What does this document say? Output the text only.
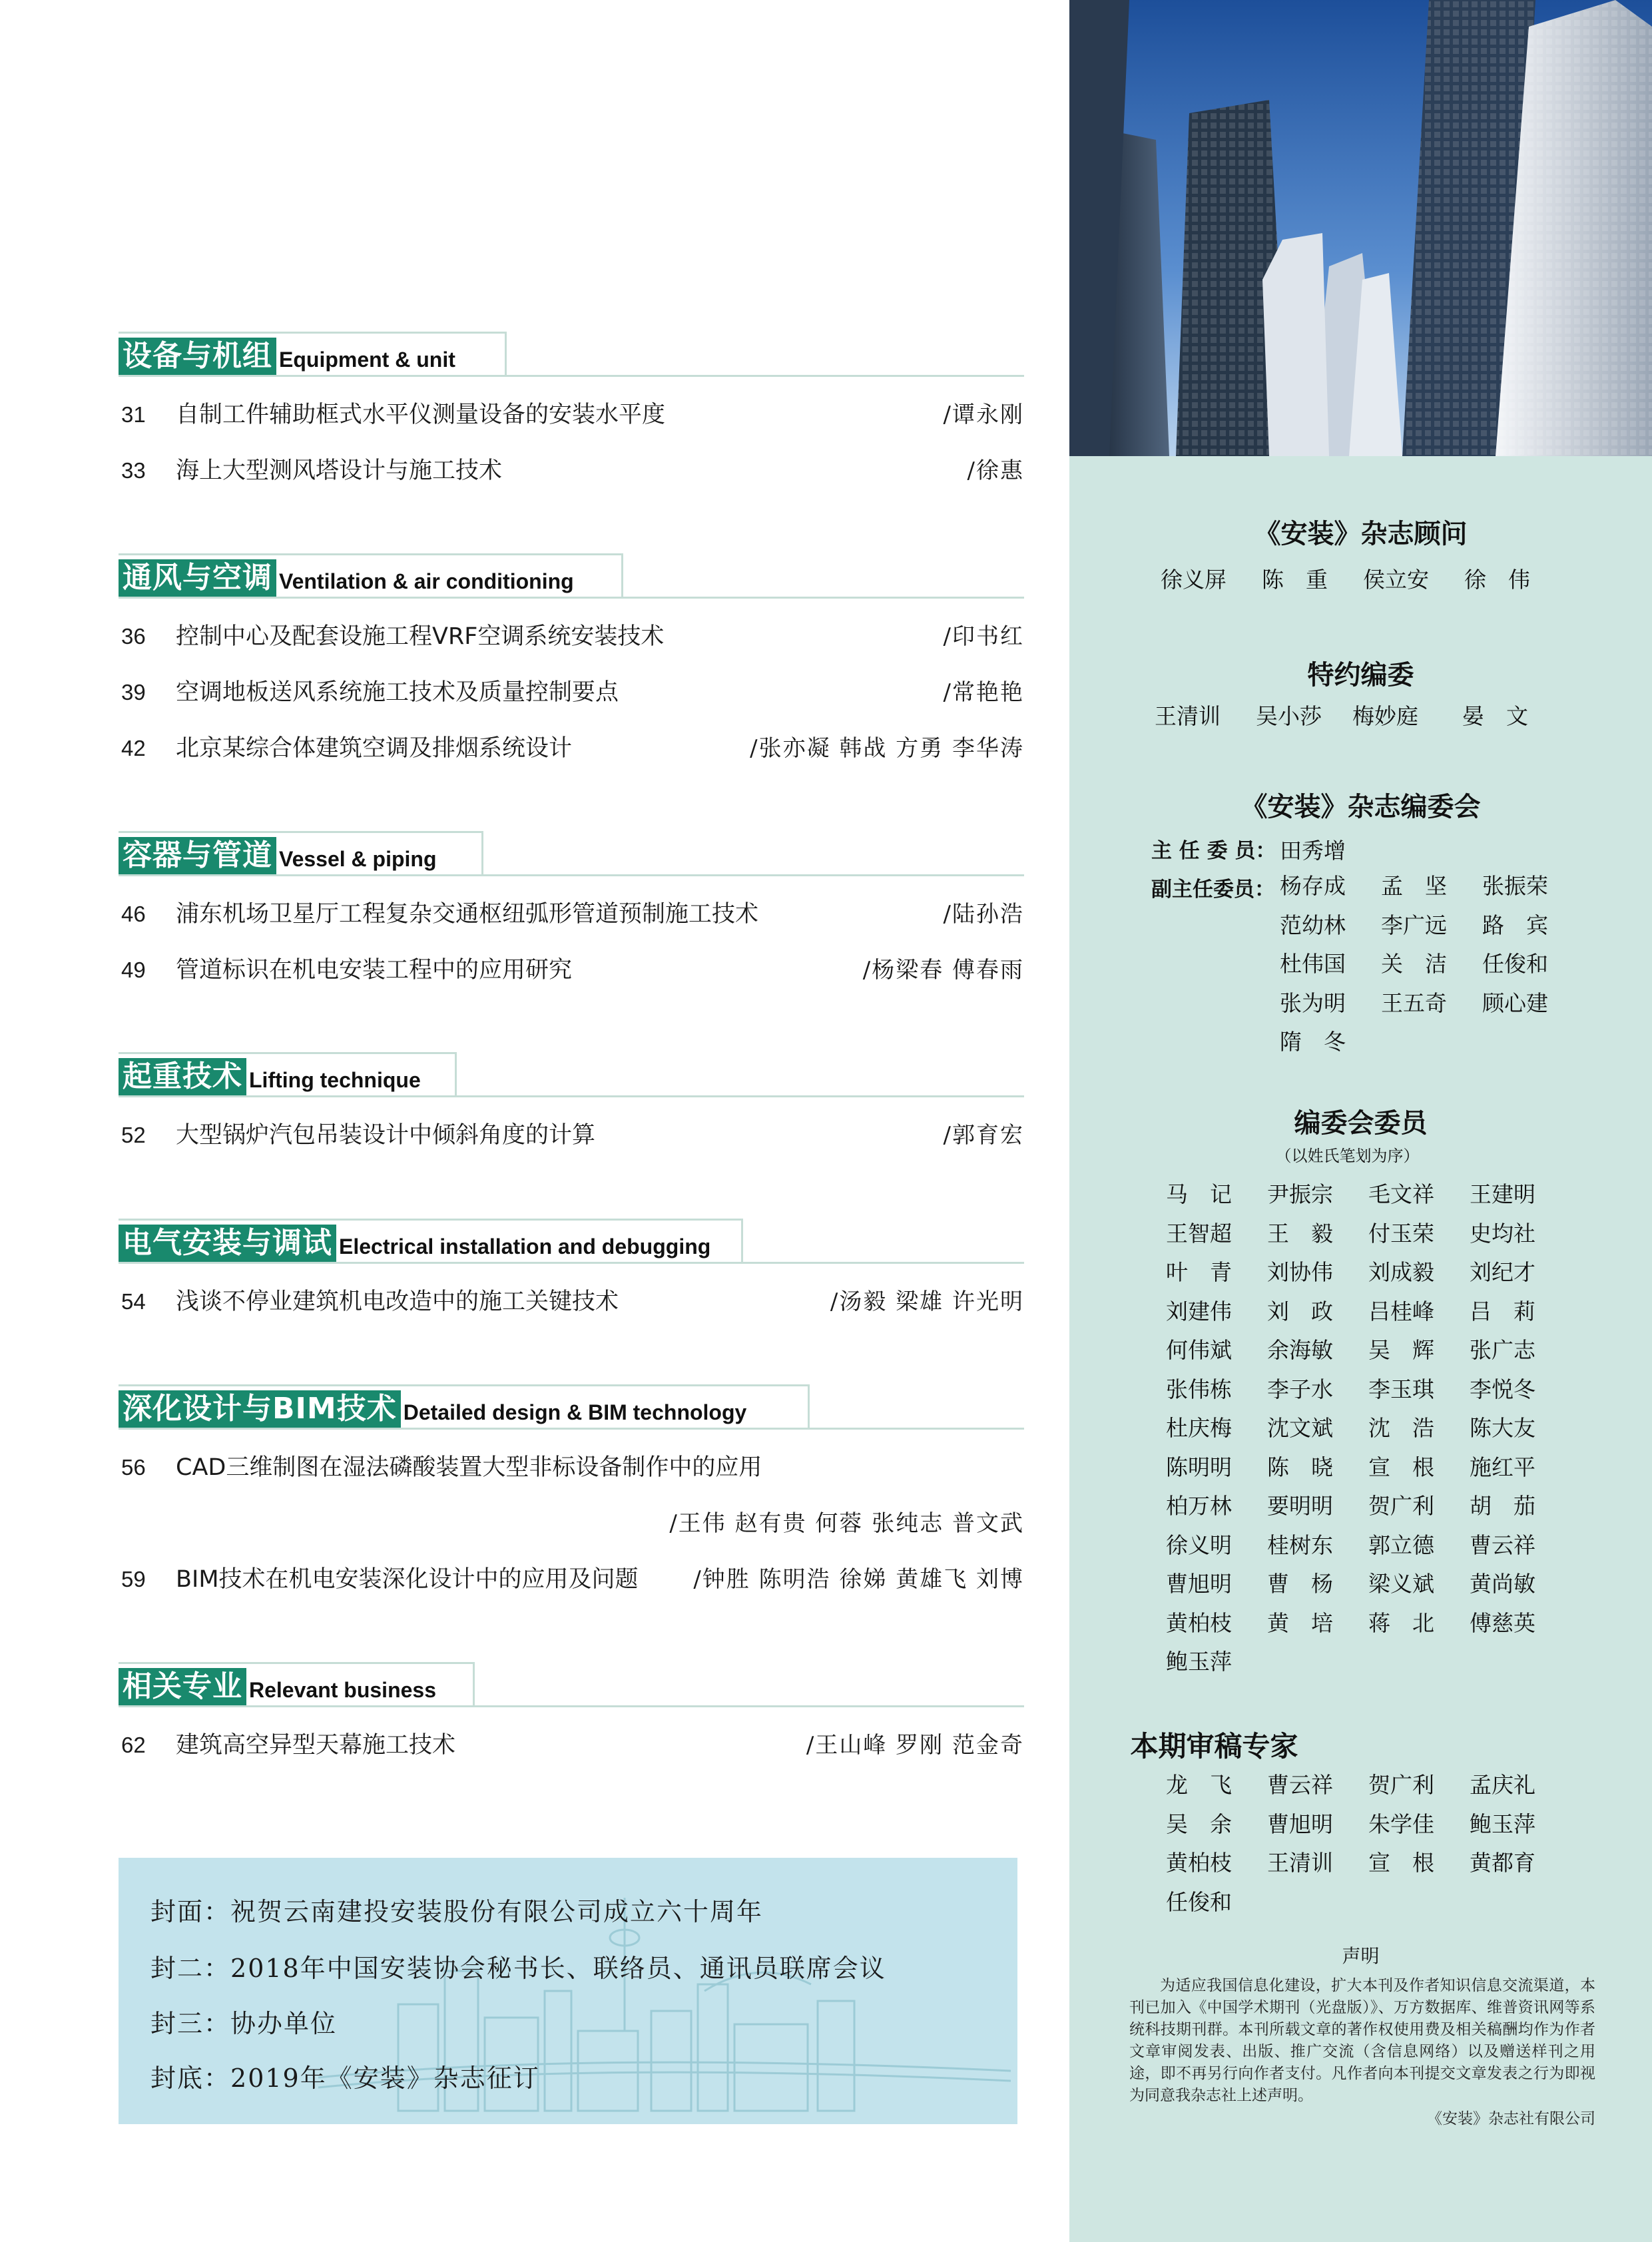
设备与机组 Equipment & unit
31 自制工件辅助框式水平仪测量设备的安装水平度	/谭永刚
33 海上大型测风塔设计与施工技术	/徐惠
通风与空调 Ventilation & air conditioning
36 控制中心及配套设施工程VRF空调系统安装技术	/印书红
39 空调地板送风系统施工技术及质量控制要点	/常艳艳
42 北京某综合体建筑空调及排烟系统设计	/张亦凝 韩战 方勇 李华涛
容器与管道 Vessel & piping
46 浦东机场卫星厅工程复杂交通枢纽弧形管道预制施工技术	/陆孙浩
49 管道标识在机电安装工程中的应用研究	/杨梁春 傅春雨
起重技术 Lifting technique
52 大型锅炉汽包吊装设计中倾斜角度的计算	/郭育宏
电气安装与调试 Electrical installation and debugging
54 浅谈不停业建筑机电改造中的施工关键技术	/汤毅 梁雄 许光明
深化设计与BIM技术 Detailed design & BIM technology
56 CAD三维制图在湿法磷酸装置大型非标设备制作中的应用
/王伟 赵有贵 何蓉 张纯志 普文武
59 BIM技术在机电安装深化设计中的应用及问题 /钟胜 陈明浩 徐娣 黄雄飞 刘博
相关专业 Relevant business
62 建筑高空异型天幕施工技术	/王山峰 罗刚 范金奇
封面：祝贺云南建投安装股份有限公司成立六十周年
封二：2018年中国安装协会秘书长、联络员、通讯员联席会议
封三：协办单位
封底：2019年《安装》杂志征订
《安装》杂志顾问
徐义屏 陈　重 侯立安 徐　伟
特约编委
王清训 吴小莎 梅妙庭 晏　文
《安装》杂志编委会
主 任 委 员： 田秀增
副主任委员： 杨存成 孟　坚 张振荣
范幼林 李广远 路　宾
杜伟国 关　洁 任俊和
张为明 王五奇 顾心建
隋　冬
编委会委员
（以姓氏笔划为序）
马　记 尹振宗 毛文祥 王建明
王智超 王　毅 付玉荣 史均社
叶　青 刘协伟 刘成毅 刘纪才
刘建伟 刘　政 吕桂峰 吕　莉
何伟斌 余海敏 吴　辉 张广志
张伟栋 李子水 李玉琪 李悦冬
杜庆梅 沈文斌 沈　浩 陈大友
陈明明 陈　晓 宣　根 施红平
柏万林 要明明 贺广利 胡　茄
徐义明 桂树东 郭立德 曹云祥
曹旭明 曹　杨 梁义斌 黄尚敏
黄柏枝 黄　培 蒋　北 傅慈英
鲍玉萍
本期审稿专家
龙　飞 曹云祥 贺广利 孟庆礼
吴　余 曹旭明 朱学佳 鲍玉萍
黄柏枝 王清训 宣　根 黄都育
任俊和
声明
为适应我国信息化建设，扩大本刊及作者知识信息交流渠道，本刊已加入《中国学术期刊（光盘版）》、万方数据库、维普资讯网等系统科技期刊群。本刊所载文章的著作权使用费及相关稿酬均作为作者文章审阅发表、出版、推广交流（含信息网络）以及赠送样刊之用途，即不再另行向作者支付。凡作者向本刊提交文章发表之行为即视为同意我杂志社上述声明。
《安装》杂志社有限公司
